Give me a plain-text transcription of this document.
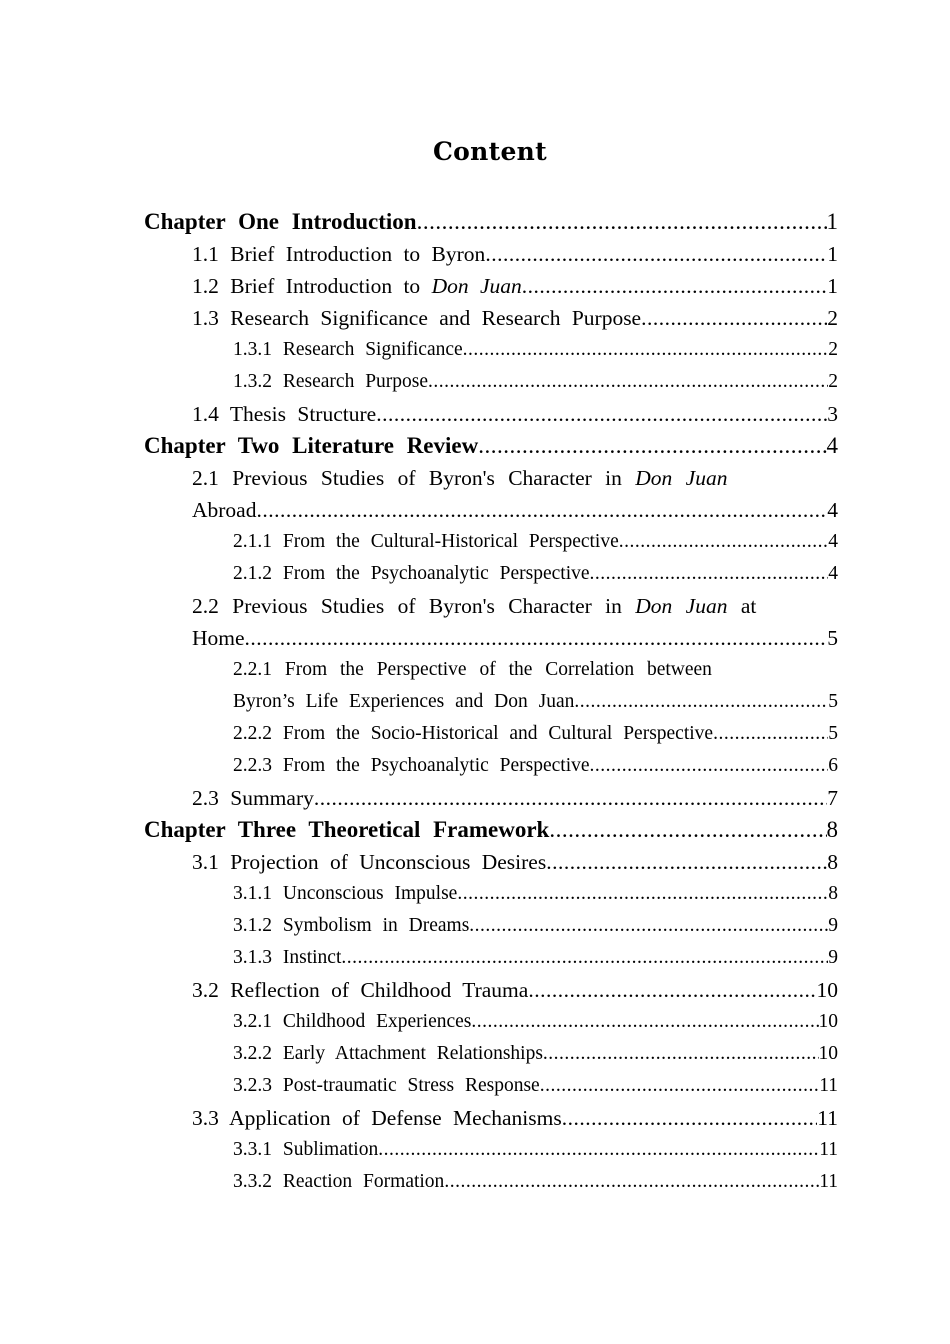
Content
Chapter One Introduction .....	1
1.1 Brief Introduction to Byron .....	1
1.2 Brief Introduction to Don Juan .....	1
1.3 Research Significance and Research Purpose .....	2
1.3.1 Research Significance .....	2
1.3.2 Research Purpose .....	2
1.4 Thesis Structure .....	3
Chapter Two Literature Review .....	4
2.1 Previous Studies of Byron's Character in Don Juan
Abroad .....	4
2.1.1 From the Cultural-Historical Perspective .....	4
2.1.2 From the Psychoanalytic Perspective .....	4
2.2 Previous Studies of Byron's Character in Don Juan at
Home .....	5
2.2.1 From the Perspective of the Correlation between
Byron’s Life Experiences and Don Juan .....	5
2.2.2 From the Socio-Historical and Cultural Perspective .....	5
2.2.3 From the Psychoanalytic Perspective .....	6
2.3 Summary .....	7
Chapter Three Theoretical Framework .....	8
3.1 Projection of Unconscious Desires .....	8
3.1.1 Unconscious Impulse .....	8
3.1.2 Symbolism in Dreams .....	9
3.1.3 Instinct .....	9
3.2 Reflection of Childhood Trauma .....	10
3.2.1 Childhood Experiences .....	10
3.2.2 Early Attachment Relationships .....	10
3.2.3 Post-traumatic Stress Response .....	11
3.3 Application of Defense Mechanisms .....	11
3.3.1 Sublimation .....	11
3.3.2 Reaction Formation .....	11
